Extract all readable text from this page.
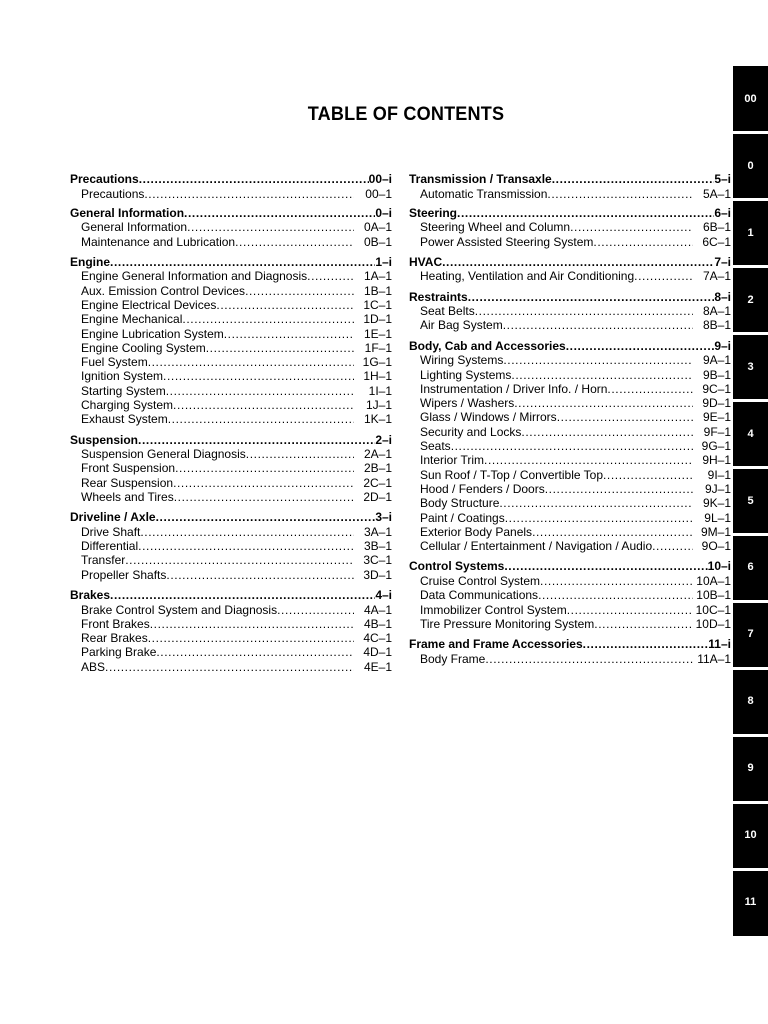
TABLE OF CONTENTS
Precautions .....	00–i
Precautions .....	00–1
General Information .....	0–i
General Information .....	0A–1
Maintenance and Lubrication .....	0B–1
Engine .....	1–i
Engine General Information and Diagnosis .....	1A–1
Aux. Emission Control Devices .....	1B–1
Engine Electrical Devices .....	1C–1
Engine Mechanical .....	1D–1
Engine Lubrication System .....	1E–1
Engine Cooling System .....	1F–1
Fuel System .....	1G–1
Ignition System .....	1H–1
Starting System .....	1I–1
Charging System .....	1J–1
Exhaust System .....	1K–1
Suspension .....	2–i
Suspension General Diagnosis .....	2A–1
Front Suspension .....	2B–1
Rear Suspension .....	2C–1
Wheels and Tires .....	2D–1
Driveline / Axle .....	3–i
Drive Shaft .....	3A–1
Differential .....	3B–1
Transfer .....	3C–1
Propeller Shafts .....	3D–1
Brakes .....	4–i
Brake Control System and Diagnosis .....	4A–1
Front Brakes .....	4B–1
Rear Brakes .....	4C–1
Parking Brake .....	4D–1
ABS .....	4E–1
Transmission / Transaxle .....	5–i
Automatic Transmission .....	5A–1
Steering .....	6–i
Steering Wheel and Column .....	6B–1
Power Assisted Steering System .....	6C–1
HVAC .....	7–i
Heating, Ventilation and Air Conditioning .....	7A–1
Restraints .....	8–i
Seat Belts .....	8A–1
Air Bag System .....	8B–1
Body, Cab and Accessories .....	9–i
Wiring Systems .....	9A–1
Lighting Systems .....	9B–1
Instrumentation / Driver Info. / Horn .....	9C–1
Wipers / Washers .....	9D–1
Glass / Windows / Mirrors .....	9E–1
Security and Locks .....	9F–1
Seats .....	9G–1
Interior Trim .....	9H–1
Sun Roof / T-Top / Convertible Top .....	9I–1
Hood / Fenders / Doors .....	9J–1
Body Structure .....	9K–1
Paint / Coatings .....	9L–1
Exterior Body Panels .....	9M–1
Cellular / Entertainment / Navigation / Audio .....	9O–1
Control Systems .....	10–i
Cruise Control System .....	10A–1
Data Communications .....	10B–1
Immobilizer Control System .....	10C–1
Tire Pressure Monitoring System .....	10D–1
Frame and Frame Accessories .....	11–i
Body Frame .....	11A–1
00
0
1
2
3
4
5
6
7
8
9
10
11
